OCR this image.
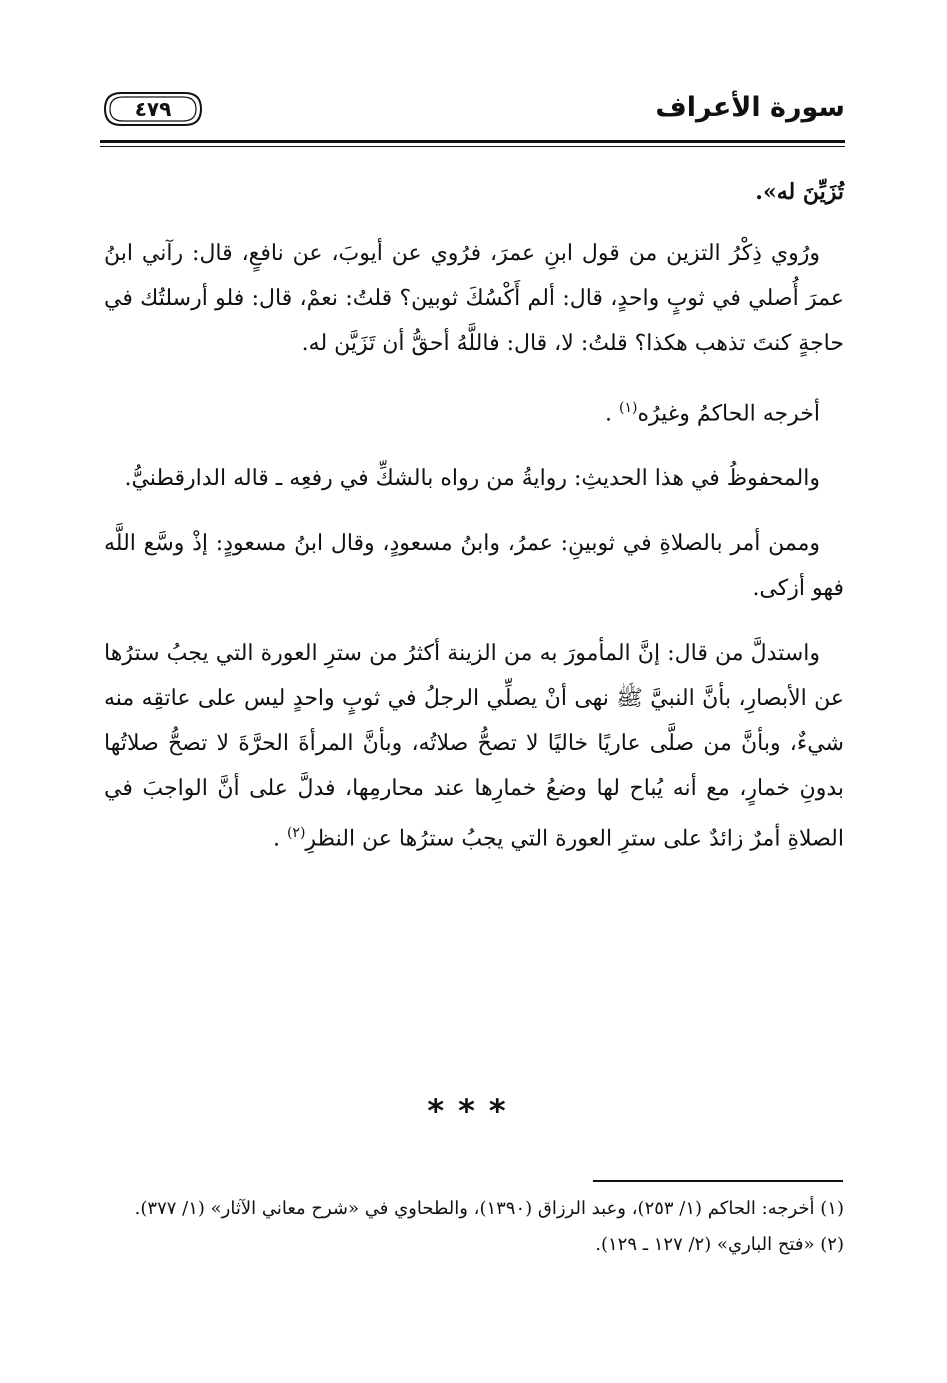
سورة الأعراف
٤٧٩

تُزَيِّنَ له».

ورُوي ذِكْرُ التزين من قول ابنِ عمرَ، فرُوي عن أيوبَ، عن نافعٍ، قال: رآني ابنُ عمرَ أُصلي في ثوبٍ واحدٍ، قال: ألم أَكْسُكَ ثوبين؟ قلتُ: نعمْ، قال: فلو أرسلتُك في حاجةٍ كنتَ تذهب هكذا؟ قلتُ: لا، قال: فاللَّهُ أحقُّ أن تَزَيَّن له.

أخرجه الحاكمُ وغيرُه$^{(١)}$ .

والمحفوظُ في هذا الحديثِ: روايةُ من رواه بالشكِّ في رفعِه ـ قاله الدارقطنيُّ.

وممن أمر بالصلاةِ في ثوبينِ: عمرُ، وابنُ مسعودٍ، وقال ابنُ مسعودٍ: إذْ وسَّع اللَّه فهو أزكى.

واستدلَّ من قال: إنَّ المأمورَ به من الزينة أكثرُ من سترِ العورة التي يجبُ سترُها عن الأبصارِ، بأنَّ النبيَّ ﷺ نهى أنْ يصلِّي الرجلُ في ثوبٍ واحدٍ ليس على عاتقِه منه شيءٌ، وبأنَّ من صلَّى عاريًا خاليًا لا تصحُّ صلاتُه، وبأنَّ المرأةَ الحرَّةَ لا تصحُّ صلاتُها بدونِ خمارٍ، مع أنه يُباح لها وضعُ خمارِها عند محارمِها، فدلَّ على أنَّ الواجبَ في الصلاةِ أمرٌ زائدٌ على سترِ العورة التي يجبُ سترُها عن النظرِ$^{(٢)}$ .

***

(١) أخرجه: الحاكم (١/ ٢٥٣)، وعبد الرزاق (١٣٩٠)، والطحاوي في «شرح معاني الآثار» (١/ ٣٧٧).

(٢) «فتح الباري» (٢/ ١٢٧ ـ ١٢٩).
